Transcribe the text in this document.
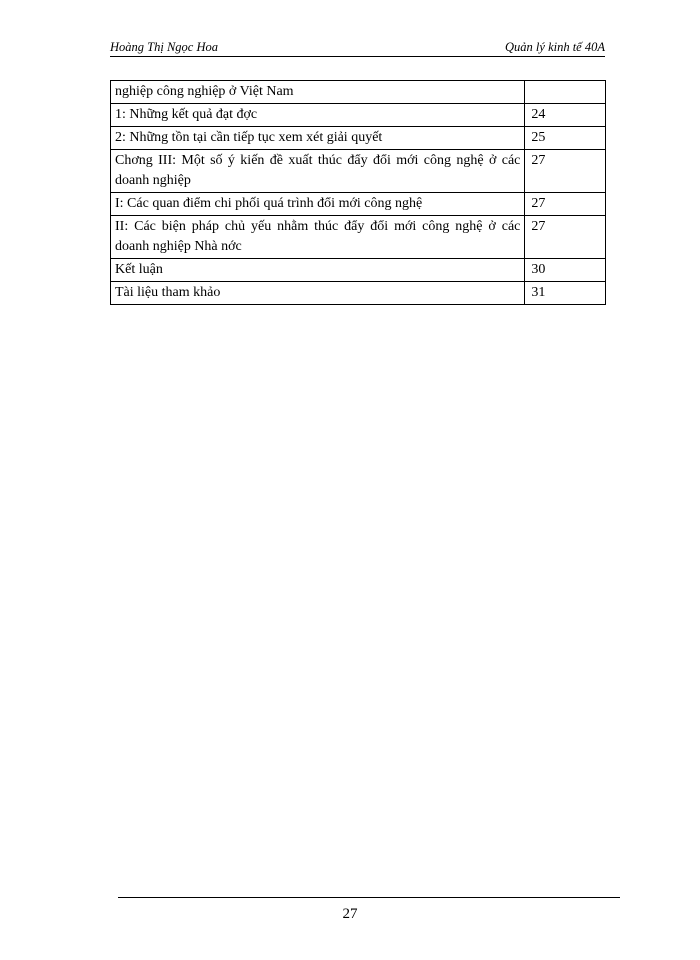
Hoàng Thị Ngọc Hoa	Quản lý kinh tế 40A
nghiệp công nghiệp ở Việt Nam	
1: Những kết quả đạt đợc	24
2: Những tồn tại cần tiếp tục xem xét giải quyết	25
Chơng III: Một số ý kiến đề xuất thúc đẩy đổi mới công nghệ ở các doanh nghiệp	27
I: Các quan điểm chi phối quá trình đổi mới công nghệ	27
II: Các biện pháp chủ yếu nhằm thúc đẩy đổi mới công nghệ ở các doanh nghiệp Nhà nớc	27
Kết luận	30
Tài liệu tham khảo	31
27
